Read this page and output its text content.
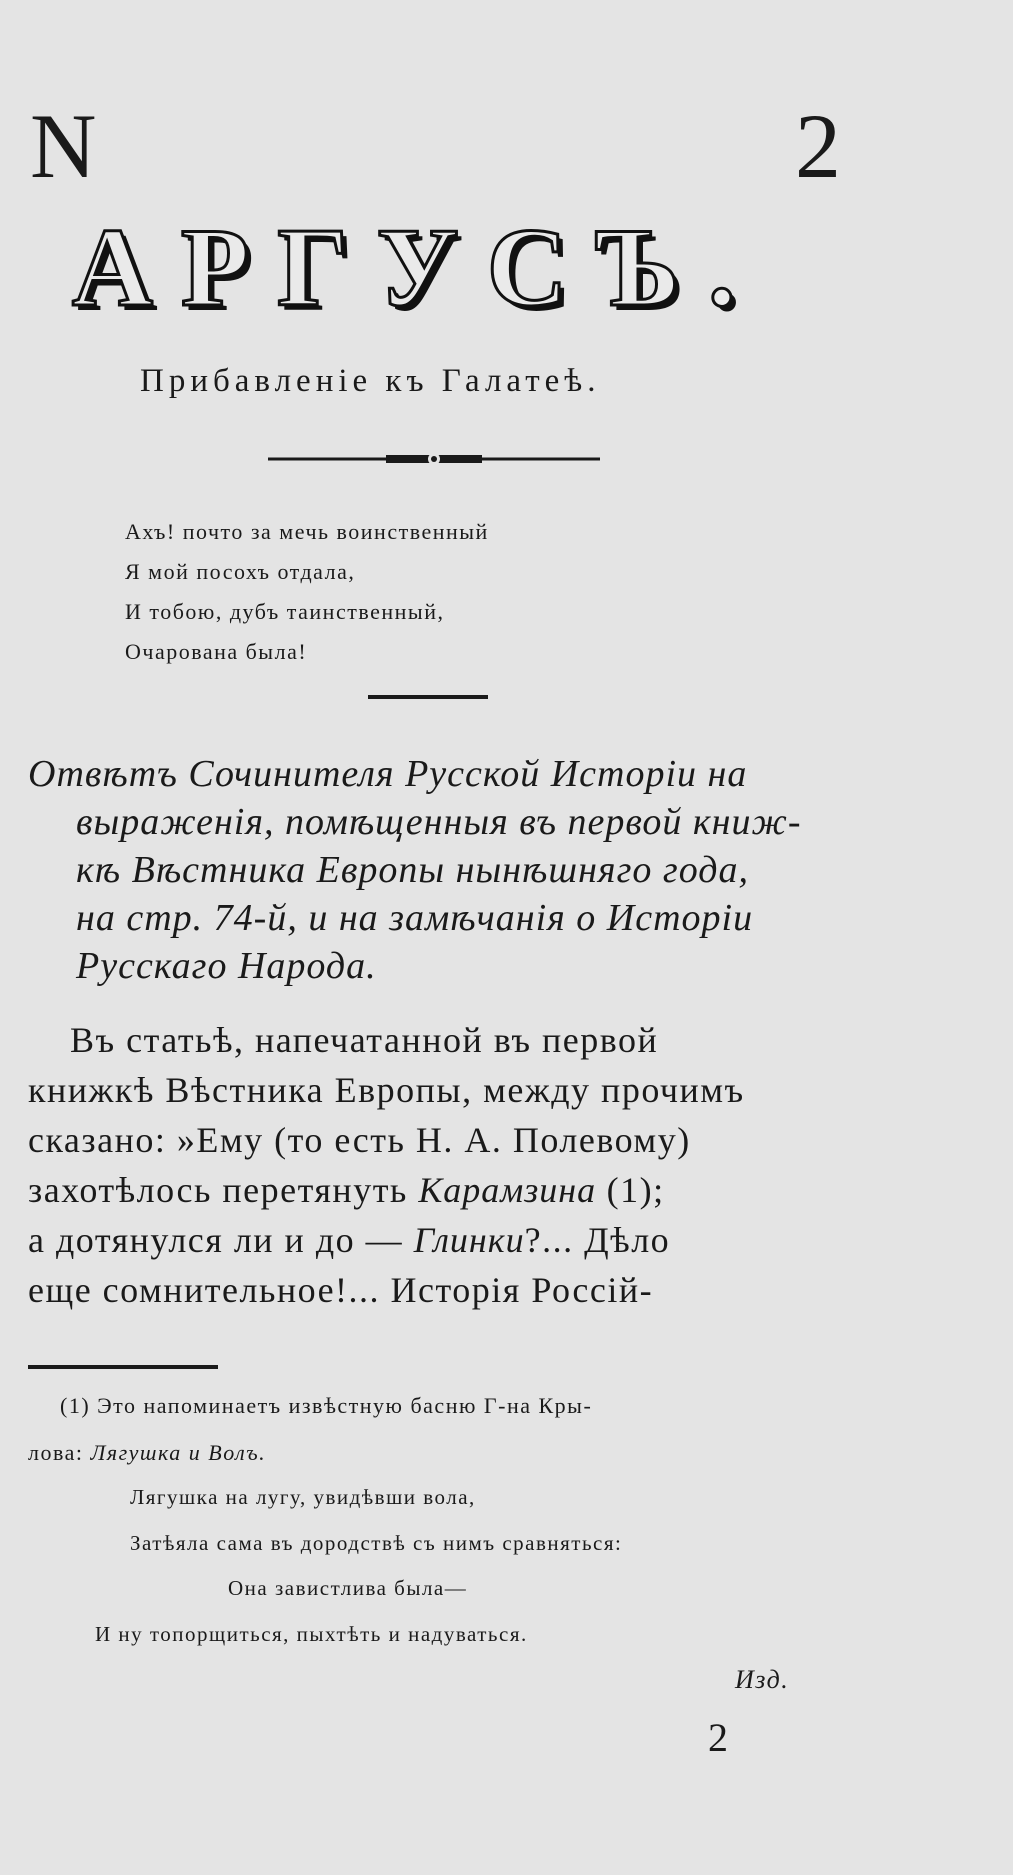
N	2
АРГУСЪ.
Прибавленіе къ Галатеѣ.
Ахъ! почто за мечь воинственный
Я мой посохъ отдала,
И тобою, дубъ таинственный,
Очарована была!
Отвѣтъ Сочинителя Русской Исторіи на
выраженія, помѣщенныя въ первой книж-
кѣ Вѣстника Европы нынѣшняго года,
на стр. 74-й, и на замѣчанія о Исторіи
Русскаго Народа.
Въ статьѣ, напечатанной въ первой
книжкѣ Вѣстника Европы, между прочимъ
сказано: »Ему (то есть Н. А. Полевому)
захотѣлось перетянуть Карамзина (1);
а дотянулся ли и до — Глинки?... Дѣло
еще сомнительное!... Исторія Россій-
(1) Это напоминаетъ извѣстную басню Г-на Кры-
лова: Лягушка и Волъ.
Лягушка на лугу, увидѣвши вола,
Затѣяла сама въ дородствѣ съ нимъ сравняться:
Она завистлива была—
И ну топорщиться, пыхтѣть и надуваться.
Изд.
2
